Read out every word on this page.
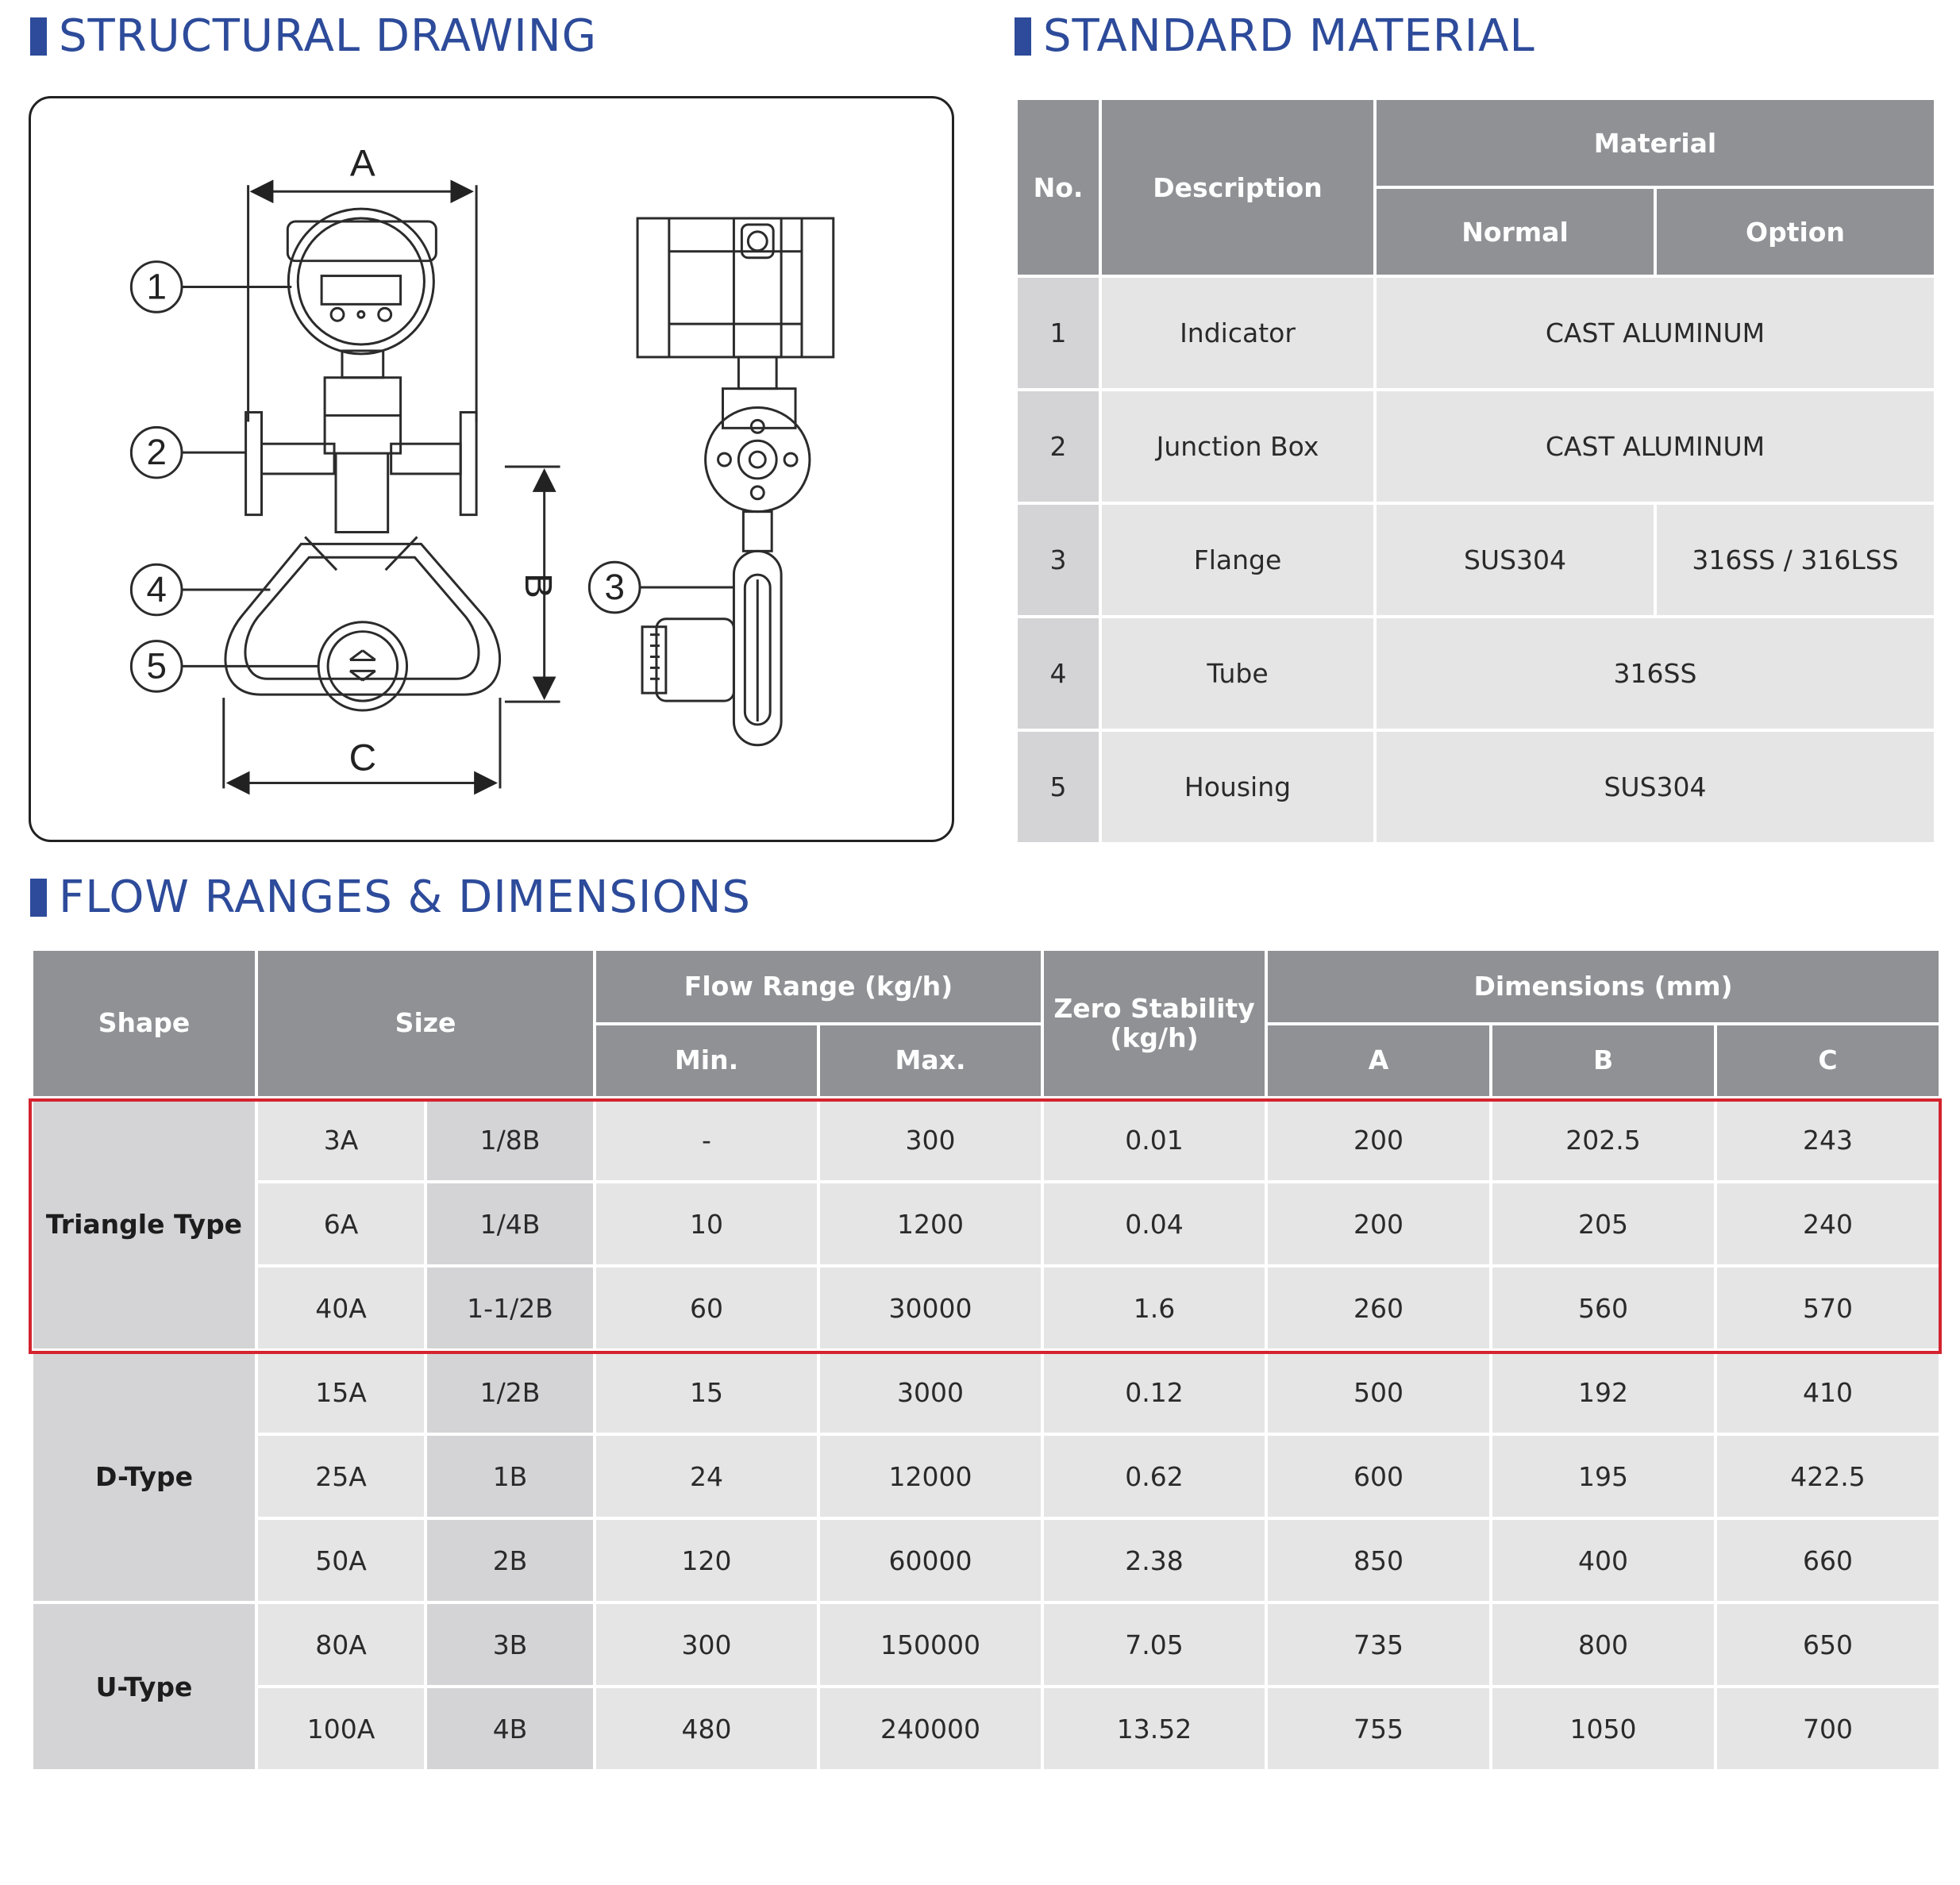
STRUCTURAL DRAWING	STANDARD MATERIAL
A
B
C
1
2
3
4
5
No.	Description	Material	
		Normal	Option
1	Indicator	CAST ALUMINUM	
2	Junction Box	CAST ALUMINUM	
3	Flange	SUS304	316SS / 316LSS
4	Tube	316SS	
5	Housing	SUS304	
FLOW RANGES & DIMENSIONS
Shape	Size		Flow Range (kg/h)		Zero Stability
(kg/h)	Dimensions (mm)		
			Min.	Max.		A	B	C
Triangle Type	3A	1/8B	-	300	0.01	200	202.5	243
	6A	1/4B	10	1200	0.04	200	205	240
	40A	1-1/2B	60	30000	1.6	260	560	570
D-Type	15A	1/2B	15	3000	0.12	500	192	410
	25A	1B	24	12000	0.62	600	195	422.5
	50A	2B	120	60000	2.38	850	400	660
U-Type	80A	3B	300	150000	7.05	735	800	650
	100A	4B	480	240000	13.52	755	1050	700
